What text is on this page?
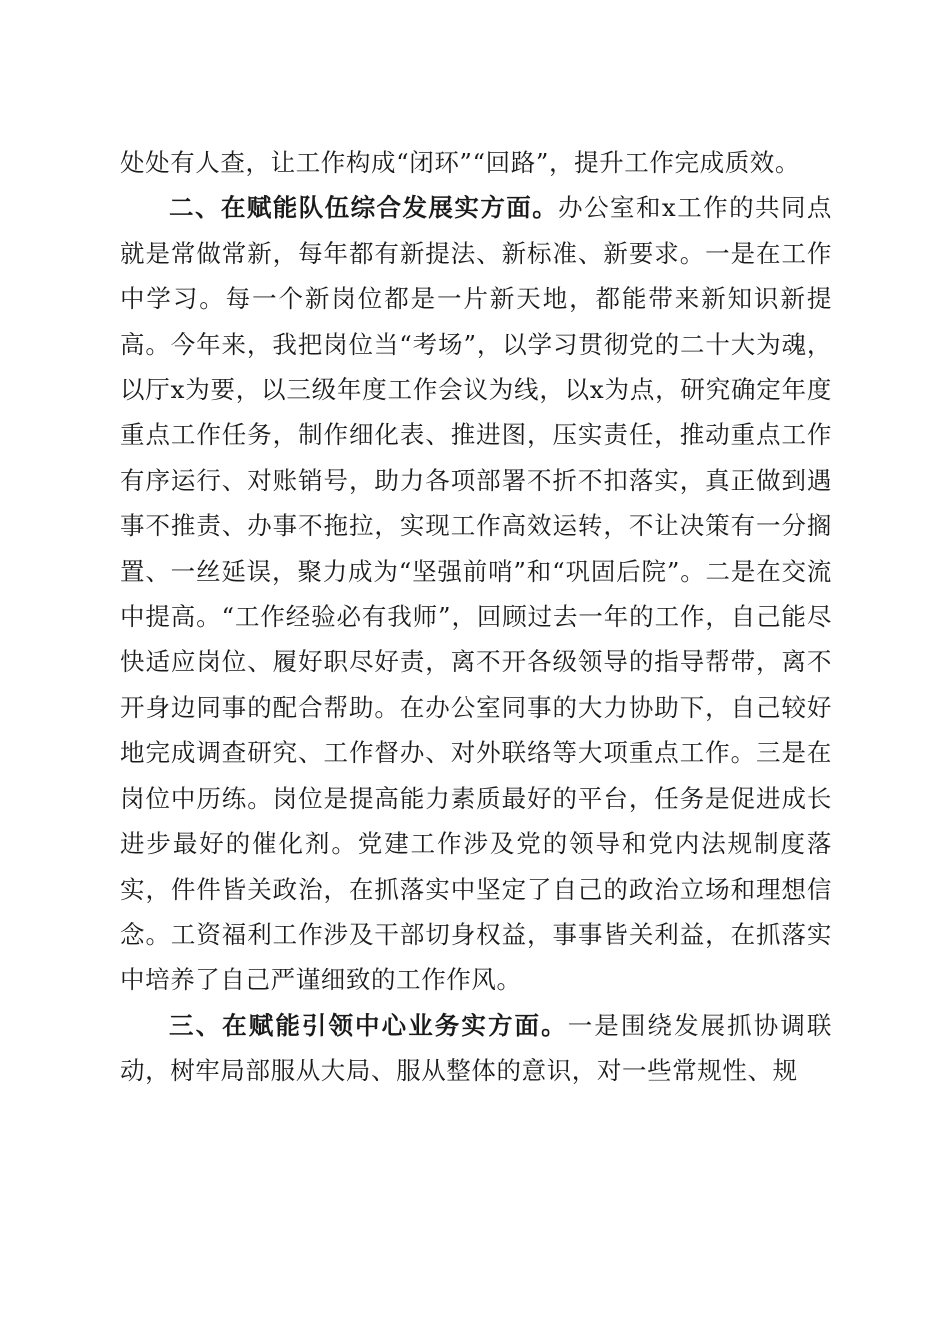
处处有人查，让工作构成“闭环”“回路”，提升工作完成质效。

二、在赋能队伍综合发展实方面。办公室和x工作的共同点就是常做常新，每年都有新提法、新标准、新要求。一是在工作中学习。每一个新岗位都是一片新天地，都能带来新知识新提高。今年来，我把岗位当“考场”，以学习贯彻党的二十大为魂，以厅x为要，以三级年度工作会议为线，以x为点，研究确定年度重点工作任务，制作细化表、推进图，压实责任，推动重点工作有序运行、对账销号，助力各项部署不折不扣落实，真正做到遇事不推责、办事不拖拉，实现工作高效运转，不让决策有一分搁置、一丝延误，聚力成为“坚强前哨”和“巩固后院”。二是在交流中提高。“工作经验必有我师”，回顾过去一年的工作，自己能尽快适应岗位、履好职尽好责，离不开各级领导的指导帮带，离不开身边同事的配合帮助。在办公室同事的大力协助下，自己较好地完成调查研究、工作督办、对外联络等大项重点工作。三是在岗位中历练。岗位是提高能力素质最好的平台，任务是促进成长进步最好的催化剂。党建工作涉及党的领导和党内法规制度落实，件件皆关政治，在抓落实中坚定了自己的政治立场和理想信念。工资福利工作涉及干部切身权益，事事皆关利益，在抓落实中培养了自己严谨细致的工作作风。

三、在赋能引领中心业务实方面。一是围绕发展抓协调联动，树牢局部服从大局、服从整体的意识，对一些常规性、规
